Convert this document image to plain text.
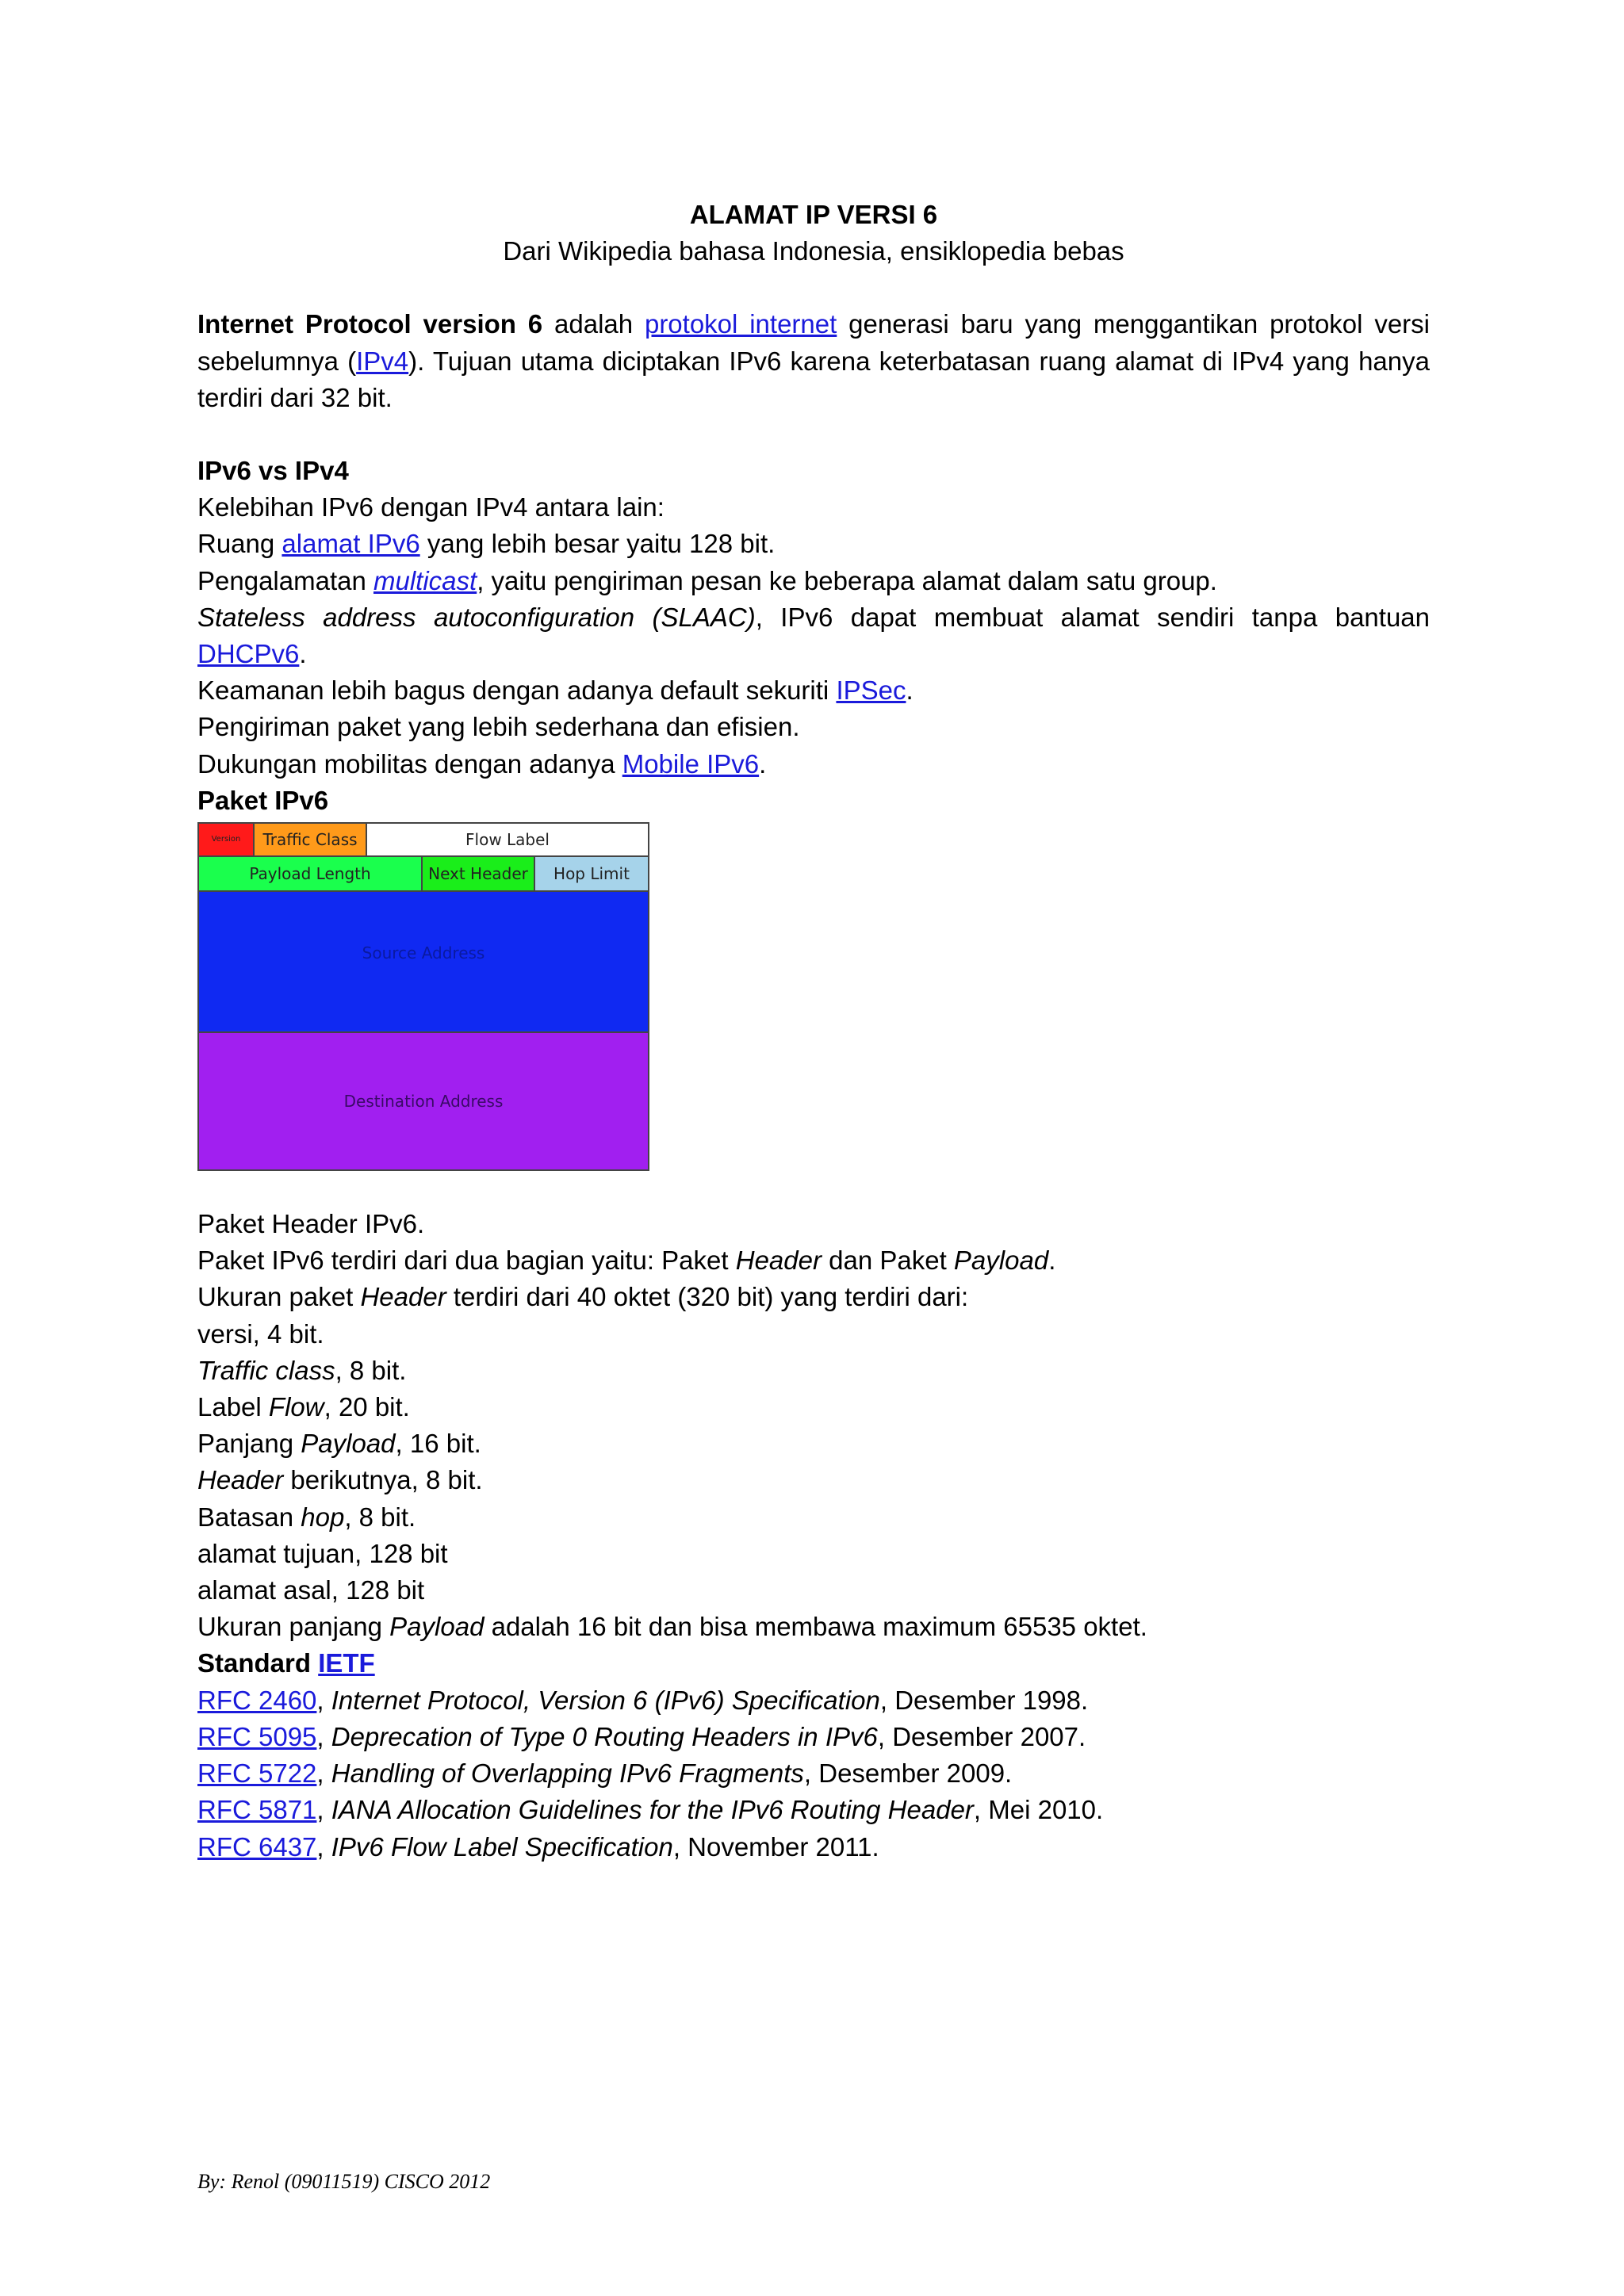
ALAMAT IP VERSI 6
Dari Wikipedia bahasa Indonesia, ensiklopedia bebas
Internet Protocol version 6 adalah protokol internet generasi baru yang menggantikan protokol versi sebelumnya (IPv4). Tujuan utama diciptakan IPv6 karena keterbatasan ruang alamat di IPv4 yang hanya terdiri dari 32 bit.
IPv6 vs IPv4
Kelebihan IPv6 dengan IPv4 antara lain:
Ruang alamat IPv6 yang lebih besar yaitu 128 bit.
Pengalamatan multicast, yaitu pengiriman pesan ke beberapa alamat dalam satu group.
Stateless address autoconfiguration (SLAAC), IPv6 dapat membuat alamat sendiri tanpa bantuan DHCPv6.
Keamanan lebih bagus dengan adanya default sekuriti IPSec.
Pengiriman paket yang lebih sederhana dan efisien.
Dukungan mobilitas dengan adanya Mobile IPv6.
Paket IPv6
Version	Traffic Class	Flow Label
Payload Length	Next Header	Hop Limit
Source Address
Destination Address
Paket Header IPv6.
Paket IPv6 terdiri dari dua bagian yaitu: Paket Header dan Paket Payload.
Ukuran paket Header terdiri dari 40 oktet (320 bit) yang terdiri dari:
versi, 4 bit.
Traffic class, 8 bit.
Label Flow, 20 bit.
Panjang Payload, 16 bit.
Header berikutnya, 8 bit.
Batasan hop, 8 bit.
alamat tujuan, 128 bit
alamat asal, 128 bit
Ukuran panjang Payload adalah 16 bit dan bisa membawa maximum 65535 oktet.
Standard IETF
RFC 2460, Internet Protocol, Version 6 (IPv6) Specification, Desember 1998.
RFC 5095, Deprecation of Type 0 Routing Headers in IPv6, Desember 2007.
RFC 5722, Handling of Overlapping IPv6 Fragments, Desember 2009.
RFC 5871, IANA Allocation Guidelines for the IPv6 Routing Header, Mei 2010.
RFC 6437, IPv6 Flow Label Specification, November 2011.
By: Renol (09011519) CISCO 2012
